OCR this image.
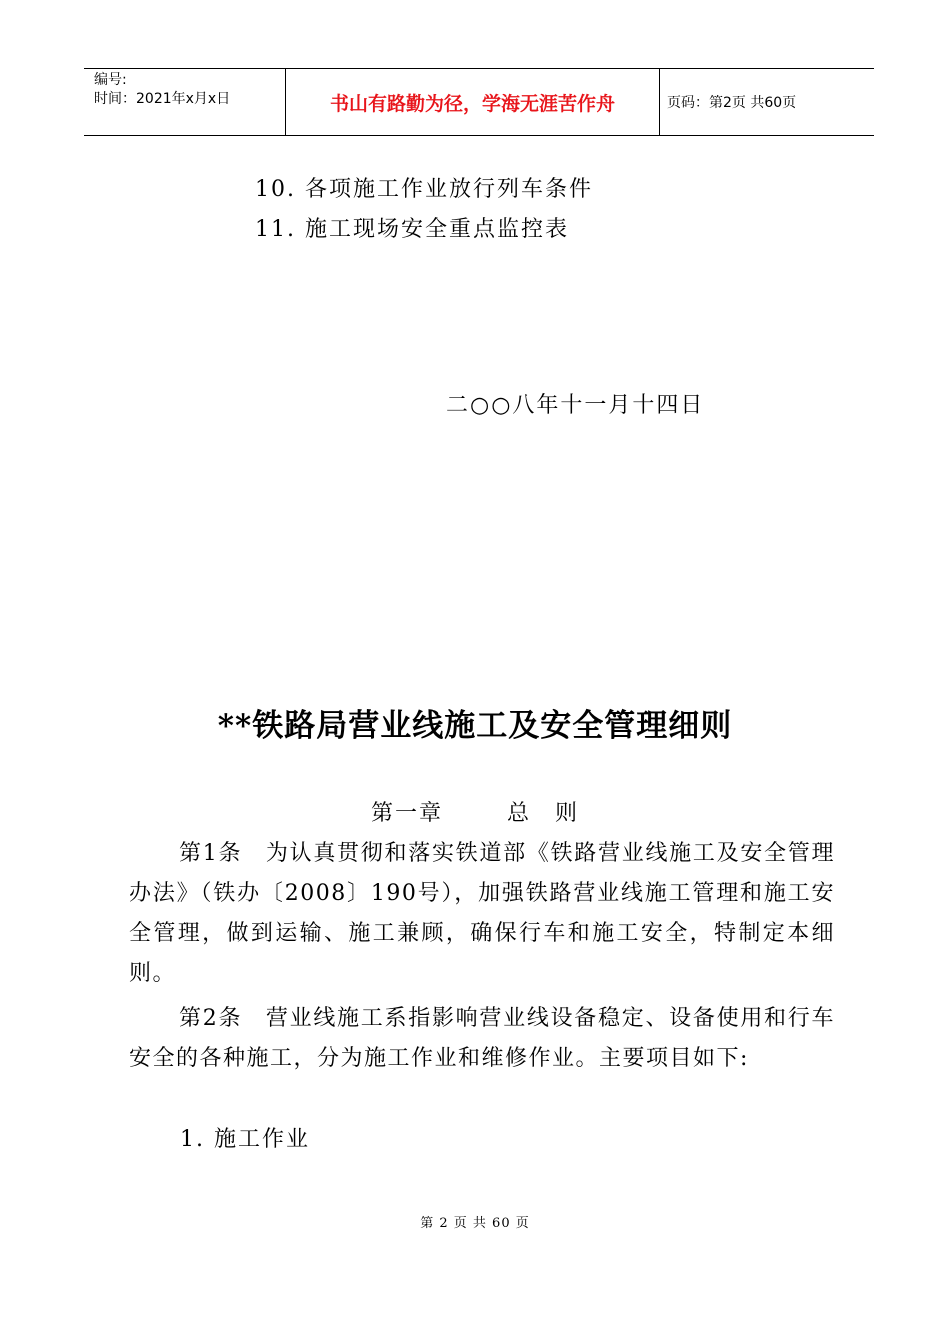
编号:
时间：2021年x月x日	书山有路勤为径，学海无涯苦作舟	页码：第2页 共60页
10. 各项施工作业放行列车条件
11. 施工现场安全重点监控表
二○○八年十一月十四日
**铁路局营业线施工及安全管理细则
第一章	总　则

第1条　为认真贯彻和落实铁道部《铁路营业线施工及安全管理办法》（铁办〔2008〕190号），加强铁路营业线施工管理和施工安全管理，做到运输、施工兼顾，确保行车和施工安全，特制定本细则。

第2条　营业线施工系指影响营业线设备稳定、设备使用和行车安全的各种施工，分为施工作业和维修作业。主要项目如下:

1. 施工作业
第 2 页 共 60 页
